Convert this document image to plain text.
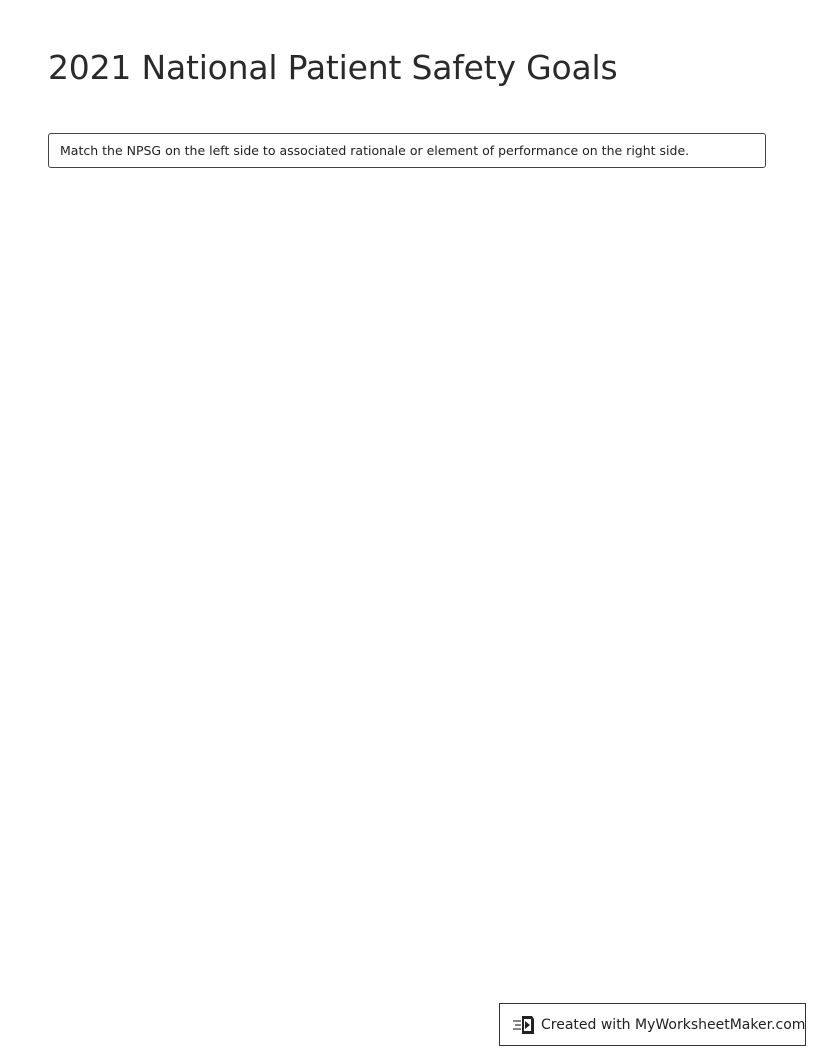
2021 National Patient Safety Goals
Match the NPSG on the left side to associated rationale or element of performance on the right side.
Created with MyWorksheetMaker.com
